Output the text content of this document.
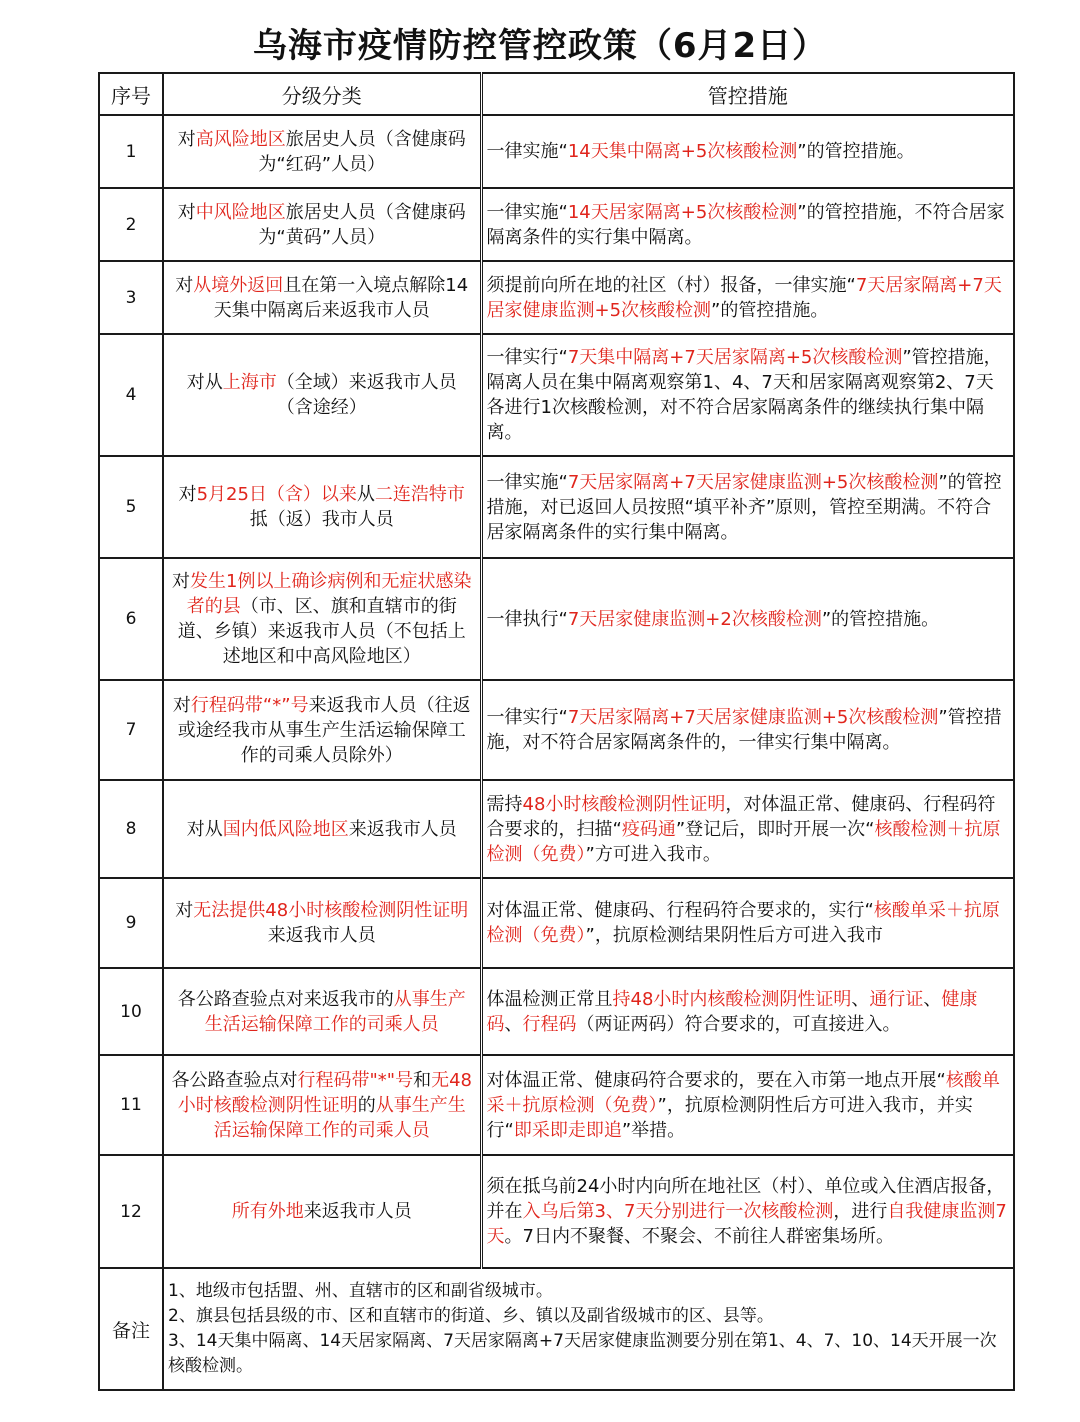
乌海市疫情防控管控政策（6月2日）
序号	分级分类	管控措施
1	对高风险地区旅居史人员（含健康码为“红码”人员）	一律实施“14天集中隔离+5次核酸检测”的管控措施。
2	对中风险地区旅居史人员（含健康码为“黄码”人员）	一律实施“14天居家隔离+5次核酸检测”的管控措施，不符合居家隔离条件的实行集中隔离。
3	对从境外返回且在第一入境点解除14天集中隔离后来返我市人员	须提前向所在地的社区（村）报备，一律实施“7天居家隔离+7天居家健康监测+5次核酸检测”的管控措施。
4	对从上海市（全域）来返我市人员（含途经）	一律实行“7天集中隔离+7天居家隔离+5次核酸检测”管控措施，隔离人员在集中隔离观察第1、4、7天和居家隔离观察第2、7天各进行1次核酸检测，对不符合居家隔离条件的继续执行集中隔离。
5	对5月25日（含）以来从二连浩特市抵（返）我市人员	一律实施“7天居家隔离+7天居家健康监测+5次核酸检测”的管控措施，对已返回人员按照“填平补齐”原则，管控至期满。不符合居家隔离条件的实行集中隔离。
6	对发生1例以上确诊病例和无症状感染者的县（市、区、旗和直辖市的街道、乡镇）来返我市人员（不包括上述地区和中高风险地区）	一律执行“7天居家健康监测+2次核酸检测”的管控措施。
7	对行程码带“*”号来返我市人员（往返或途经我市从事生产生活运输保障工作的司乘人员除外）	一律实行“7天居家隔离+7天居家健康监测+5次核酸检测”管控措施，对不符合居家隔离条件的，一律实行集中隔离。
8	对从国内低风险地区来返我市人员	需持48小时核酸检测阴性证明，对体温正常、健康码、行程码符合要求的，扫描“疫码通”登记后，即时开展一次“核酸检测＋抗原检测（免费）”方可进入我市。
9	对无法提供48小时核酸检测阴性证明来返我市人员	对体温正常、健康码、行程码符合要求的，实行“核酸单采＋抗原检测（免费）”，抗原检测结果阴性后方可进入我市
10	各公路查验点对来返我市的从事生产生活运输保障工作的司乘人员	体温检测正常且持48小时内核酸检测阴性证明、通行证、健康码、行程码（两证两码）符合要求的，可直接进入。
11	各公路查验点对行程码带"*"号和无48小时核酸检测阴性证明的从事生产生活运输保障工作的司乘人员	对体温正常、健康码符合要求的，要在入市第一地点开展“核酸单采＋抗原检测（免费）”，抗原检测阴性后方可进入我市，并实行“即采即走即追”举措。
12	所有外地来返我市人员	须在抵乌前24小时内向所在地社区（村）、单位或入住酒店报备，并在入乌后第3、7天分别进行一次核酸检测，进行自我健康监测7天。7日内不聚餐、不聚会、不前往人群密集场所。
备注	1、地级市包括盟、州、直辖市的区和副省级城市。

2、旗县包括县级的市、区和直辖市的街道、乡、镇以及副省级城市的区、县等。

3、14天集中隔离、14天居家隔离、7天居家隔离+7天居家健康监测要分别在第1、4、7、10、14天开展一次核酸检测。	
